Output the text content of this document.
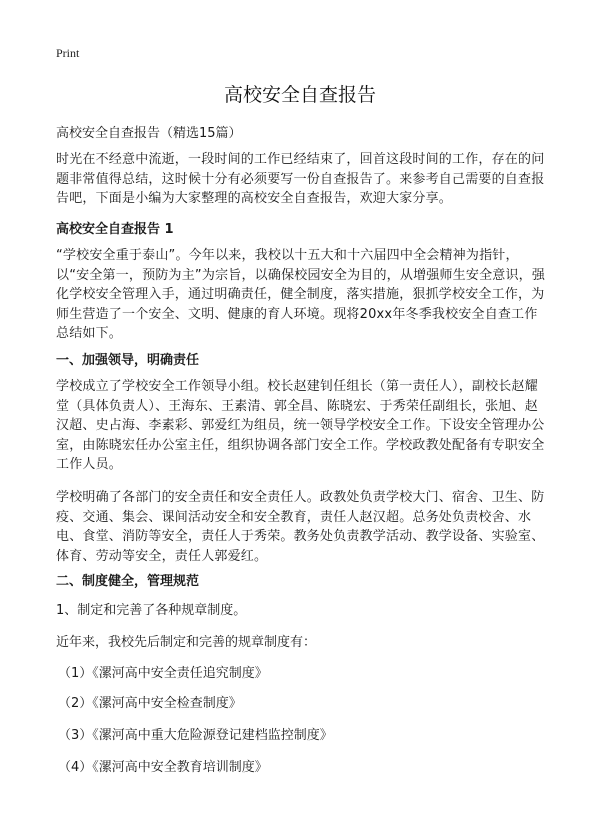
Print
高校安全自查报告
高校安全自查报告（精选15篇）
时光在不经意中流逝，一段时间的工作已经结束了，回首这段时间的工作，存在的问题非常值得总结，这时候十分有必须要写一份自查报告了。来参考自己需要的自查报告吧，下面是小编为大家整理的高校安全自查报告，欢迎大家分享。
高校安全自查报告 1
“学校安全重于泰山”。今年以来，我校以十五大和十六届四中全会精神为指针，以“安全第一，预防为主”为宗旨，以确保校园安全为目的，从增强师生安全意识，强化学校安全管理入手，通过明确责任，健全制度，落实措施，狠抓学校安全工作，为师生营造了一个安全、文明、健康的育人环境。现将20xx年冬季我校安全自查工作总结如下。
一、加强领导，明确责任
学校成立了学校安全工作领导小组。校长赵建钊任组长（第一责任人），副校长赵耀堂（具体负责人）、王海东、王素清、郭全昌、陈晓宏、于秀荣任副组长，张旭、赵汉超、史占海、李素彩、郭爱红为组员，统一领导学校安全工作。下设安全管理办公室，由陈晓宏任办公室主任，组织协调各部门安全工作。学校政教处配备有专职安全工作人员。
学校明确了各部门的安全责任和安全责任人。政教处负责学校大门、宿舍、卫生、防疫、交通、集会、课间活动安全和安全教育，责任人赵汉超。总务处负责校舍、水电、食堂、消防等安全，责任人于秀荣。教务处负责教学活动、教学设备、实验室、体育、劳动等安全，责任人郭爱红。
二、制度健全，管理规范
1、制定和完善了各种规章制度。
近年来，我校先后制定和完善的规章制度有：
（1）《漯河高中安全责任追究制度》
（2）《漯河高中安全检查制度》
（3）《漯河高中重大危险源登记建档监控制度》
（4）《漯河高中安全教育培训制度》
